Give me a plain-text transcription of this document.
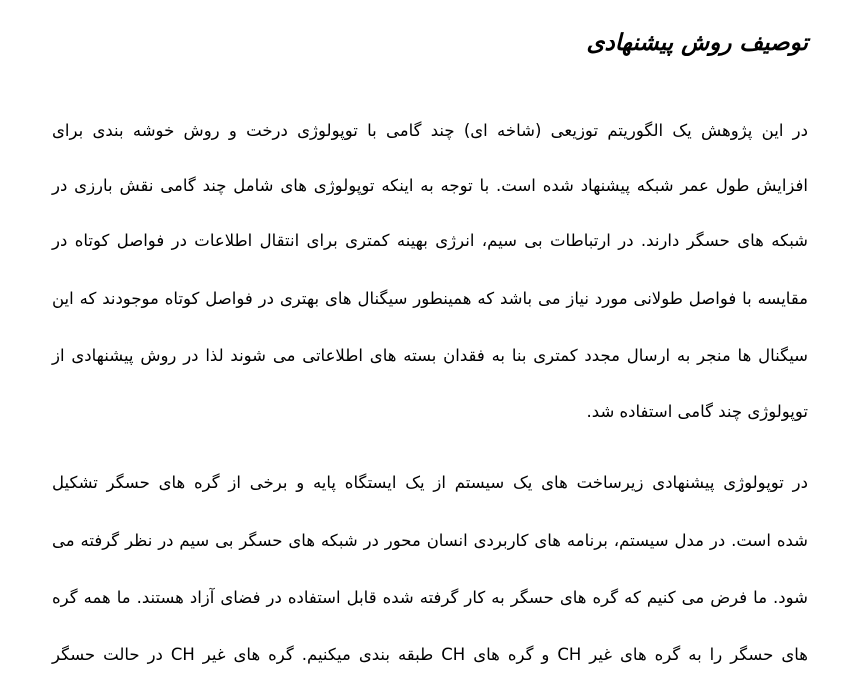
توصیف روش پیشنهادی
در این پژوهش یک الگوریتم توزیعی (شاخه ای) چند گامی با توپولوژی درخت و روش خوشه بندی برای
افزایش طول عمر شبکه پیشنهاد شده است. با توجه به اینکه توپولوژی های شامل چند گامی نقش بارزی در
شبکه های حسگر دارند. در ارتباطات بی سیم، انرژی بهینه کمتری برای انتقال اطلاعات در فواصل کوتاه در
مقایسه با فواصل طولانی مورد نیاز می باشد که همینطور سیگنال های بهتری در فواصل کوتاه موجودند که این
سیگنال ها منجر به ارسال مجدد کمتری بنا به فقدان بسته های اطلاعاتی می شوند لذا در روش پیشنهادی از
توپولوژی چند گامی استفاده شد.
در توپولوژی پیشنهادی زیرساخت های یک سیستم از یک ایستگاه پایه و برخی از گره های حسگر تشکیل
شده است. در مدل سیستم، برنامه های کاربردی انسان محور در شبکه های حسگر بی سیم در نظر گرفته می
شود. ما فرض می کنیم که گره های حسگر به کار گرفته شده قابل استفاده در فضای آزاد هستند. ما همه گره
های حسگر را به گره های غیر CH و گره های CH طبقه بندی میکنیم. گره های غیر CH در حالت حسگر
